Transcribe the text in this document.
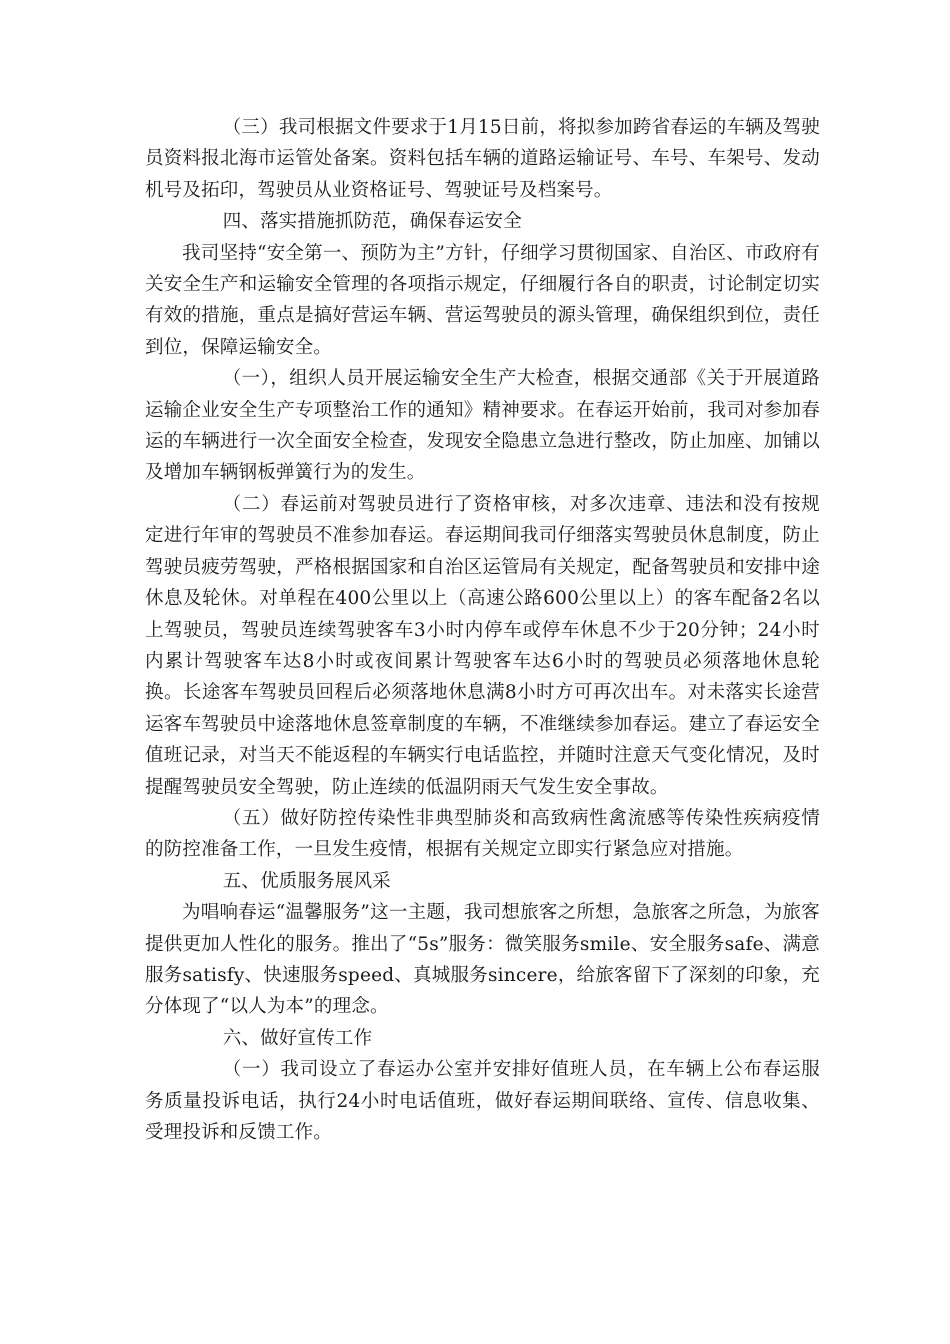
（三）我司根据文件要求于1月15日前，将拟参加跨省春运的车辆及驾驶员资料报北海市运管处备案。资料包括车辆的道路运输证号、车号、车架号、发动机号及拓印，驾驶员从业资格证号、驾驶证号及档案号。

四、落实措施抓防范，确保春运安全

我司坚持“安全第一、预防为主”方针，仔细学习贯彻国家、自治区、市政府有关安全生产和运输安全管理的各项指示规定，仔细履行各自的职责，讨论制定切实有效的措施，重点是搞好营运车辆、营运驾驶员的源头管理，确保组织到位，责任到位，保障运输安全。

（一），组织人员开展运输安全生产大检查，根据交通部《关于开展道路运输企业安全生产专项整治工作的通知》精神要求。在春运开始前，我司对参加春运的车辆进行一次全面安全检查，发现安全隐患立急进行整改，防止加座、加铺以及增加车辆钢板弹簧行为的发生。

（二）春运前对驾驶员进行了资格审核，对多次违章、违法和没有按规定进行年审的驾驶员不准参加春运。春运期间我司仔细落实驾驶员休息制度，防止驾驶员疲劳驾驶，严格根据国家和自治区运管局有关规定，配备驾驶员和安排中途休息及轮休。对单程在400公里以上（高速公路600公里以上）的客车配备2名以上驾驶员，驾驶员连续驾驶客车3小时内停车或停车休息不少于20分钟；24小时内累计驾驶客车达8小时或夜间累计驾驶客车达6小时的驾驶员必须落地休息轮换。长途客车驾驶员回程后必须落地休息满8小时方可再次出车。对未落实长途营运客车驾驶员中途落地休息签章制度的车辆，不准继续参加春运。建立了春运安全值班记录，对当天不能返程的车辆实行电话监控，并随时注意天气变化情况，及时提醒驾驶员安全驾驶，防止连续的低温阴雨天气发生安全事故。

（五）做好防控传染性非典型肺炎和高致病性禽流感等传染性疾病疫情的防控准备工作，一旦发生疫情，根据有关规定立即实行紧急应对措施。

五、优质服务展风采

为唱响春运“温馨服务”这一主题，我司想旅客之所想，急旅客之所急，为旅客提供更加人性化的服务。推出了“5s”服务：微笑服务smile、安全服务safe、满意服务satisfy、快速服务speed、真城服务sincere，给旅客留下了深刻的印象，充分体现了“以人为本”的理念。

六、做好宣传工作

（一）我司设立了春运办公室并安排好值班人员，在车辆上公布春运服务质量投诉电话，执行24小时电话值班，做好春运期间联络、宣传、信息收集、受理投诉和反馈工作。
